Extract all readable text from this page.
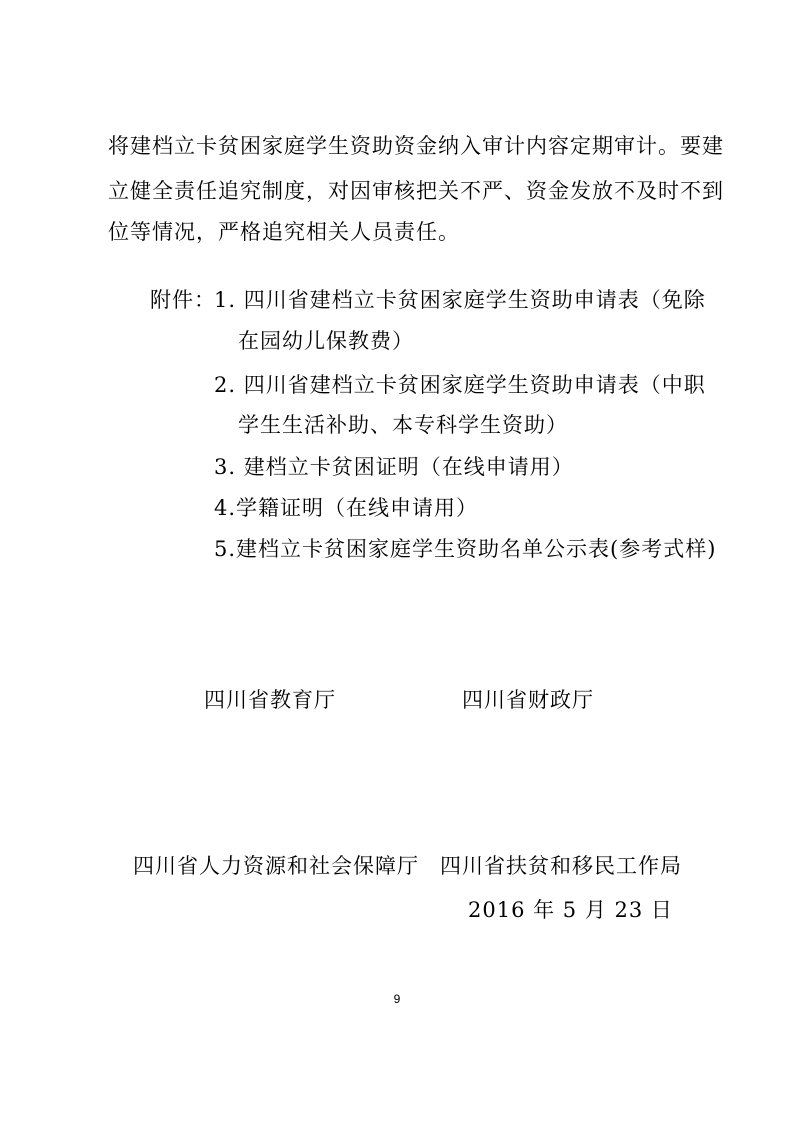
将建档立卡贫困家庭学生资助资金纳入审计内容定期审计。要建
立健全责任追究制度，对因审核把关不严、资金发放不及时不到
位等情况，严格追究相关人员责任。
附件：
1. 四川省建档立卡贫困家庭学生资助申请表（免除
在园幼儿保教费）
2. 四川省建档立卡贫困家庭学生资助申请表（中职
学生生活补助、本专科学生资助）
3. 建档立卡贫困证明（在线申请用）
4.学籍证明（在线申请用）
5.建档立卡贫困家庭学生资助名单公示表(参考式样)
四川省教育厅	四川省财政厅
四川省人力资源和社会保障厅 四川省扶贫和移民工作局
2016 年 5 月 23 日
9
